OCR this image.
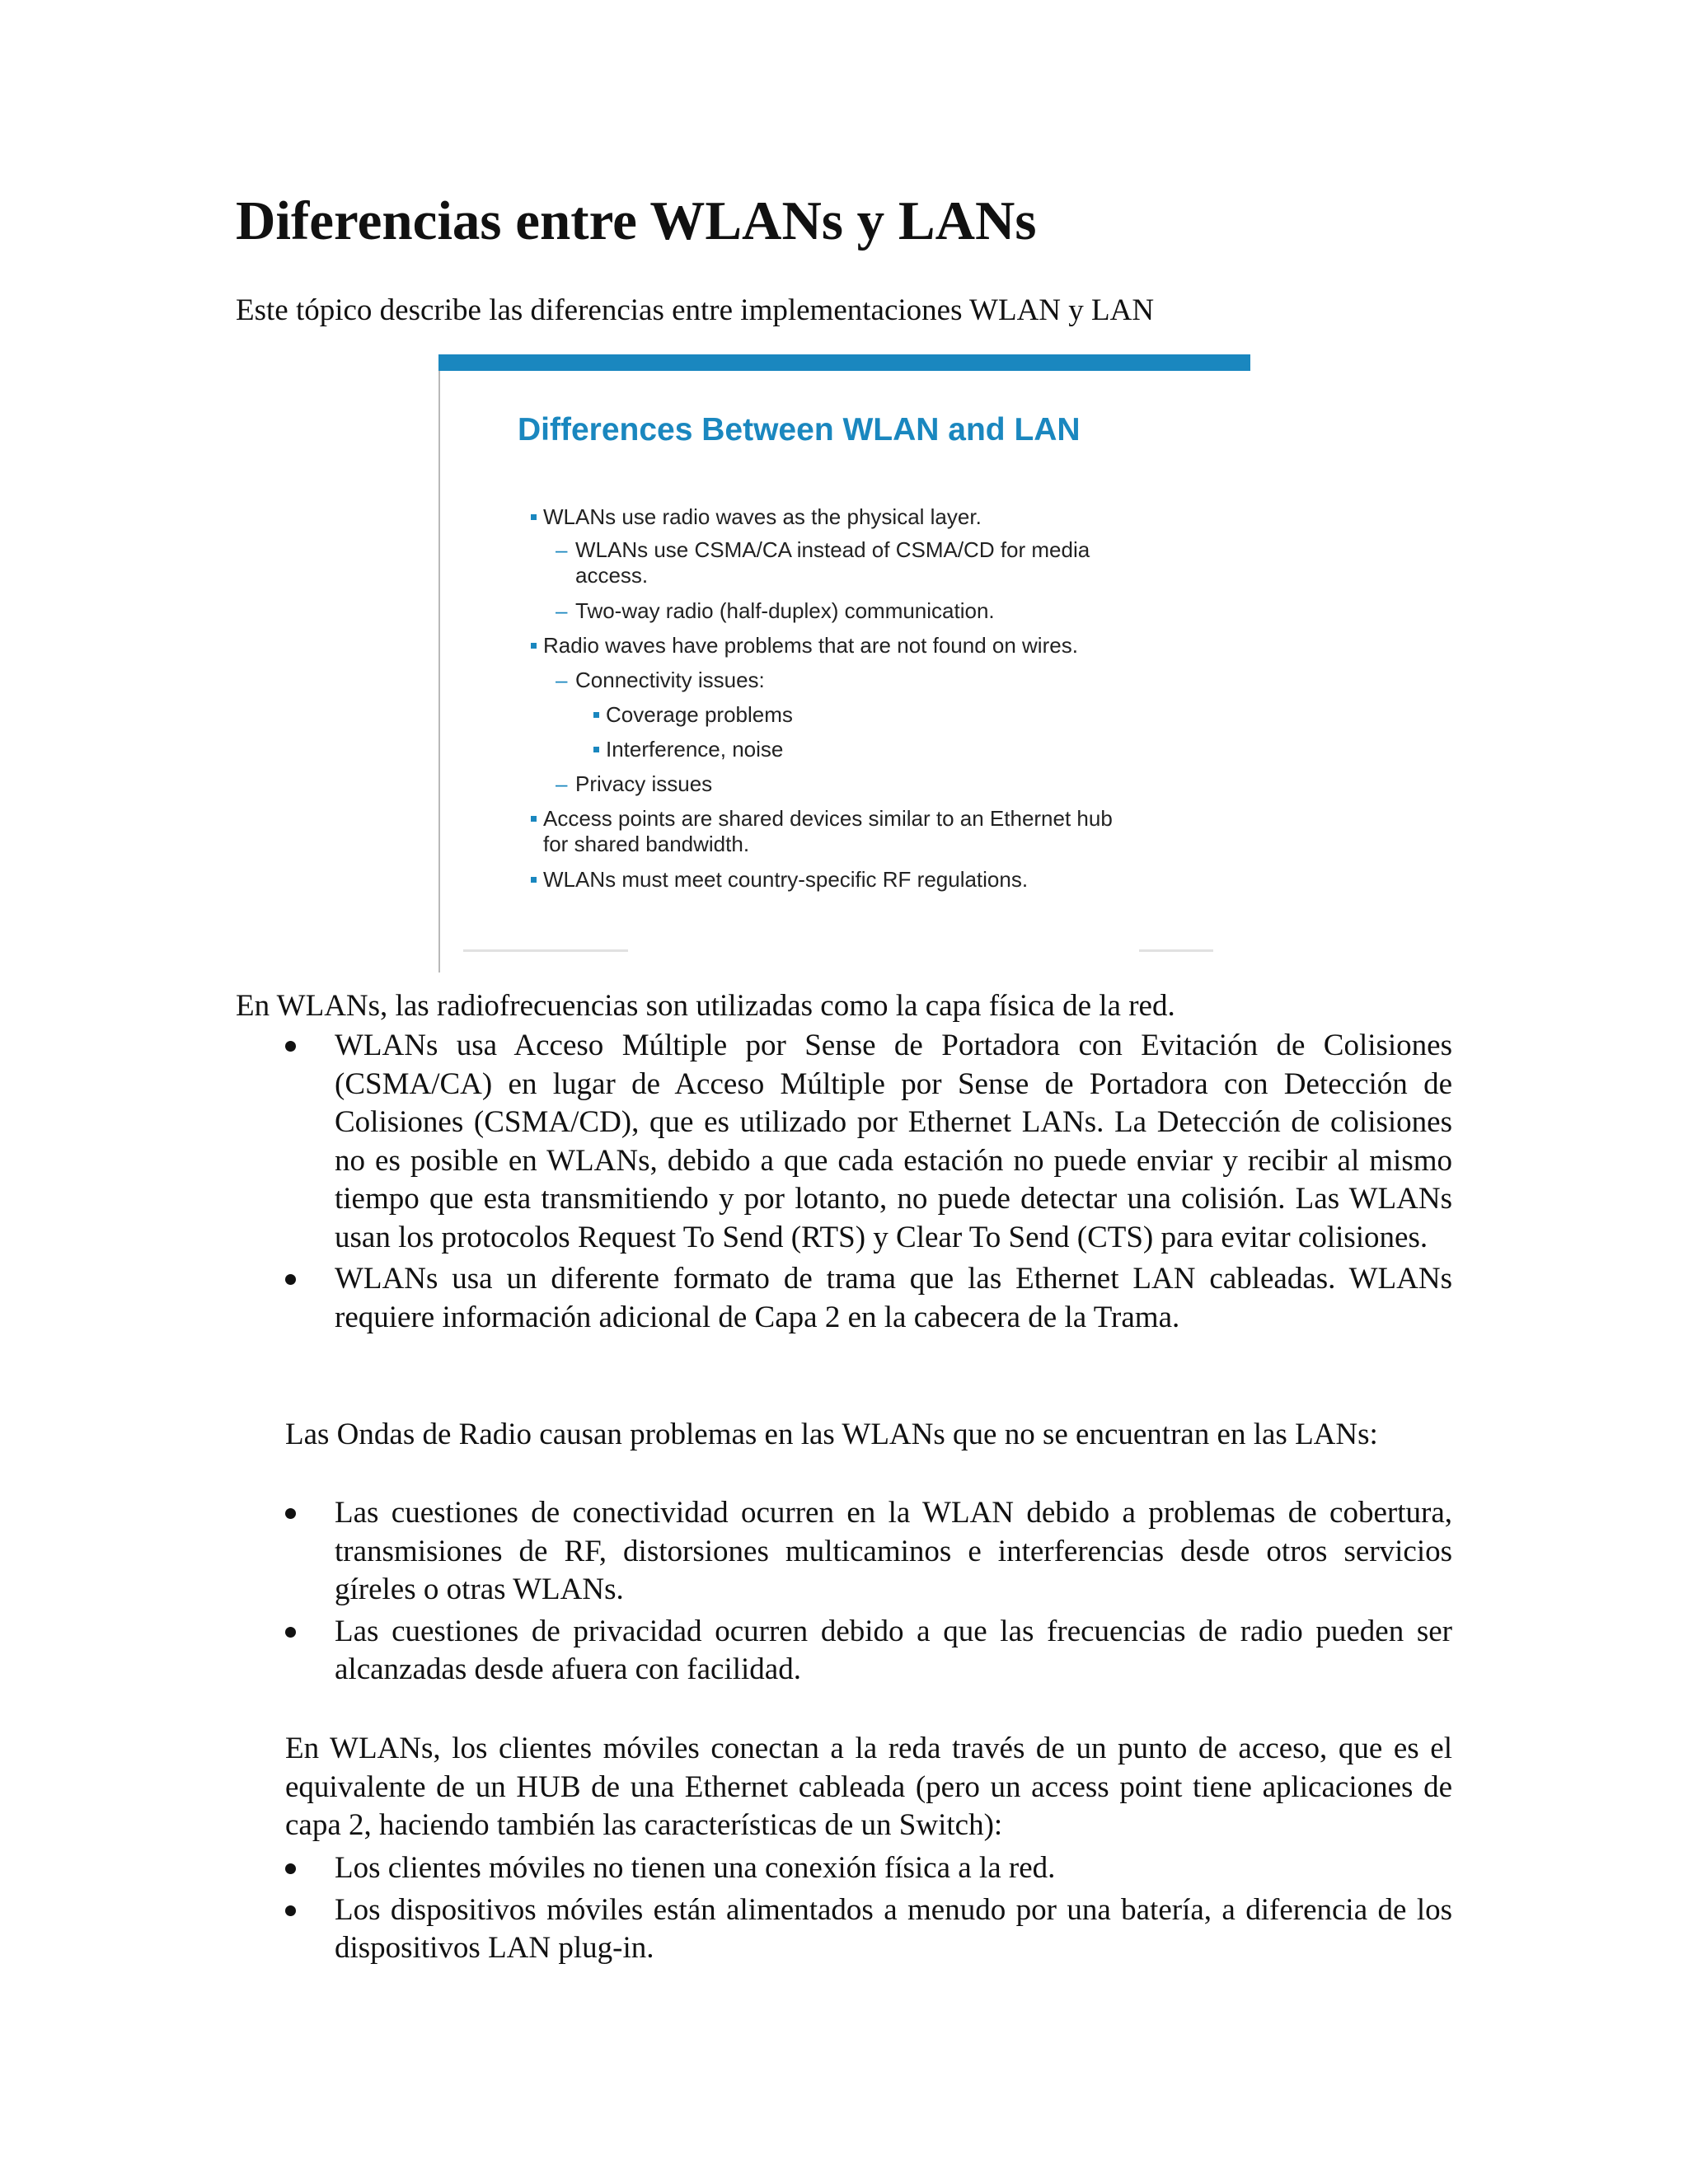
Diferencias entre WLANs y LANs

Este tópico describe las diferencias entre implementaciones WLAN y LAN

Differences Between WLAN and LAN
WLANs use radio waves as the physical layer.
– WLANs use CSMA/CA instead of CSMA/CD for media
access.
– Two-way radio (half-duplex) communication.
Radio waves have problems that are not found on wires.
– Connectivity issues:
Coverage problems
Interference, noise
– Privacy issues
Access points are shared devices similar to an Ethernet hub
for shared bandwidth.
WLANs must meet country-specific RF regulations.

En WLANs, las radiofrecuencias son utilizadas como la capa física de la red.

WLANs usa Acceso Múltiple por Sense de Portadora con Evitación de Colisiones (CSMA/CA) en lugar de Acceso Múltiple por Sense de Portadora con Detección de Colisiones (CSMA/CD), que es utilizado por Ethernet LANs. La Detección de colisiones no es posible en WLANs, debido a que cada estación no puede enviar y recibir al mismo tiempo que esta transmitiendo y por lotanto, no puede detectar una colisión. Las WLANs usan los protocolos Request To Send (RTS) y Clear To Send (CTS) para evitar colisiones.
WLANs usa un diferente formato de trama que las Ethernet LAN cableadas. WLANs requiere información adicional de Capa 2 en la cabecera de la Trama.

Las Ondas de Radio causan problemas en las WLANs que no se encuentran en las LANs:

Las cuestiones de conectividad ocurren en la WLAN debido a problemas de cobertura, transmisiones de RF, distorsiones multicaminos e interferencias desde otros servicios gíreles o otras WLANs.
Las cuestiones de privacidad ocurren debido a que las frecuencias de radio pueden ser alcanzadas desde afuera con facilidad.

En WLANs, los clientes móviles conectan a la reda través de un punto de acceso, que es el equivalente de un HUB de una Ethernet cableada (pero un access point tiene aplicaciones de capa 2, haciendo también las características de un Switch):

Los clientes móviles no tienen una conexión física a la red.
Los dispositivos móviles están alimentados a menudo por una batería, a diferencia de los dispositivos LAN plug-in.
